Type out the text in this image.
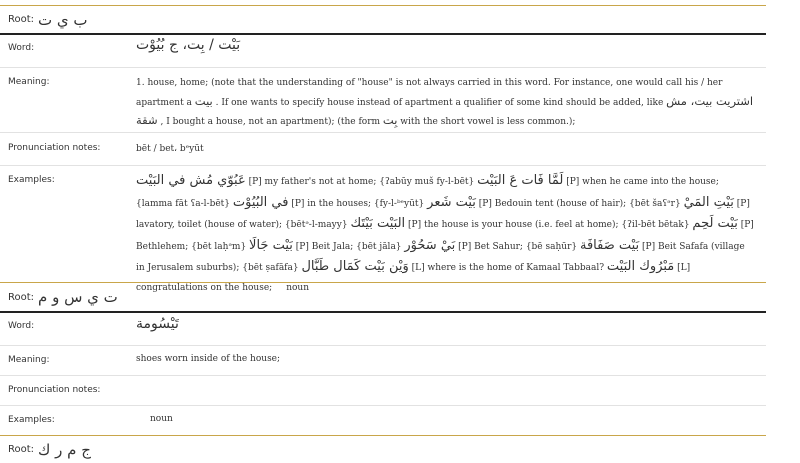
Root: ب ي ت
Word:	بَيْت / بِت، ج بُيُوْت
Meaning:	1. house, home; (note that the understanding of "house" is not always carried in this word. For instance, one would call his / her apartment a بيت . If one wants to specify house instead of apartment a qualifier of some kind should be added, like اشتريت بيت، مش شقة , I bought a house, not an apartment); (the form بِت with the short vowel is less common.);
Pronunciation notes:	bēt / bet، bᵉyūt
Examples:	عَبُوّي مُش في البَيْت [P] my father's not at home; {ʔabūy muš fy-l-bēt} لَمَّا فَات عَ البَيْت [P] when he came into the house; {lamma fāt ʕa-l-bēt} في البُيُوْت [P] in the houses; {fy-l-ᵇᵉyūt} بَيْت شَعر [P] Bedouin tent (house of hair); {bēt šaʕᵊr} بَيْتِ المَيْ [P] lavatory, toilet (house of water); {bētᵊ-l-mayy} البَيْت بَيْتَك [P] the house is your house (i.e. feel at home); {ʔil-bēt bētak} بَيْت لَحِم [P] Bethlehem; {bēt laḥᵊm} بَيْت جَالَا [P] Beit Jala; {bēt jāla} بَيْ سَحُوْر [P] Bet Sahur; {bē saḥūr} بَيْت صَفَافَة [P] Beit Safafa (village in Jerusalem suburbs); {bēt ṣafāfa} وَيْن بَيْت كَمَال طَبَّال [L] where is the home of Kamaal Tabbaal? مَبْرُوك البَيْت [L] congratulations on the house; noun
Root: ت ي س و م
Word:	تَيْسُومة
Meaning:	shoes worn inside of the house;
Pronunciation notes:
Examples:	noun
Root: ج م ر ك
